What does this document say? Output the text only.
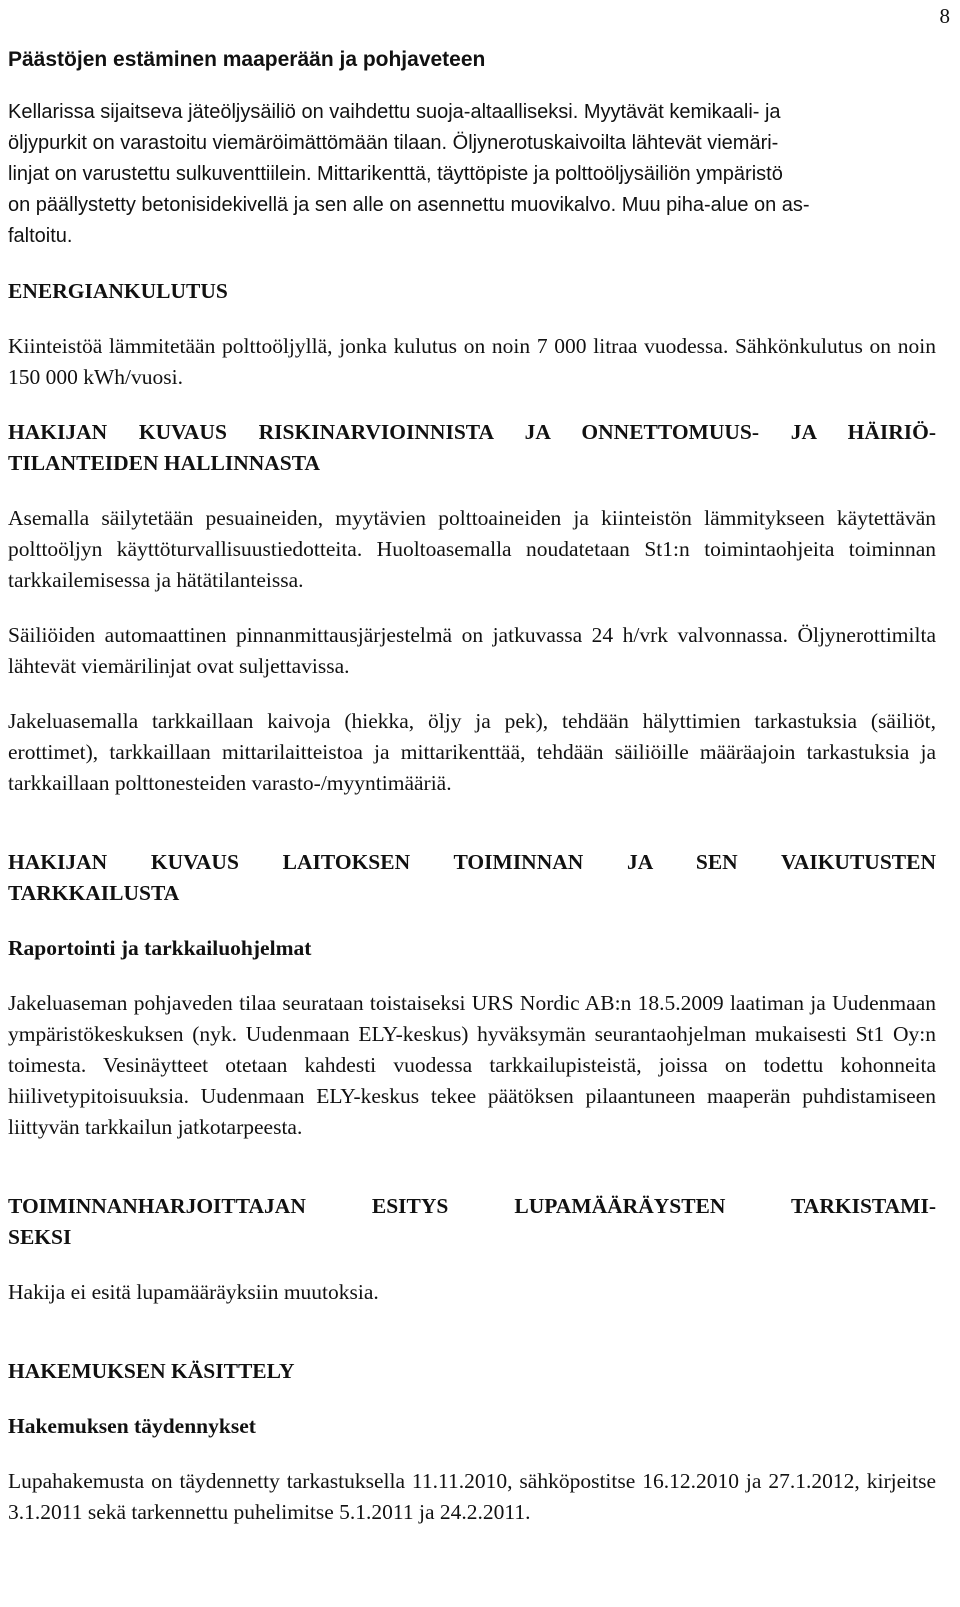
8
Päästöjen estäminen maaperään ja pohjaveteen
Kellarissa sijaitseva jäteöljysäiliö on vaihdettu suoja-altaalliseksi. Myytävät kemikaali- ja
öljypurkit on varastoitu viemäröimättömään tilaan. Öljynerotuskaivoilta lähtevät viemäri-
linjat on varustettu sulkuventtiilein. Mittarikenttä, täyttöpiste ja polttoöljysäiliön ympäristö
on päällystetty betonisidekivellä ja sen alle on asennettu muovikalvo. Muu piha-alue on as-
faltoitu.
ENERGIANKULUTUS

Kiinteistöä lämmitetään polttoöljyllä, jonka kulutus on noin 7 000 litraa vuodessa. Sähkönkulutus on noin 150 000 kWh/vuosi.

HAKIJAN KUVAUS RISKINARVIOINNISTA JA ONNETTOMUUS- JA HÄIRIÖ-
TILANTEIDEN HALLINNASTA

Asemalla säilytetään pesuaineiden, myytävien polttoaineiden ja kiinteistön lämmitykseen käytettävän polttoöljyn käyttöturvallisuustiedotteita. Huoltoasemalla noudatetaan St1:n toimintaohjeita toiminnan tarkkailemisessa ja hätätilanteissa.

Säiliöiden automaattinen pinnanmittausjärjestelmä on jatkuvassa 24 h/vrk valvonnassa. Öljynerottimilta lähtevät viemärilinjat ovat suljettavissa.

Jakeluasemalla tarkkaillaan kaivoja (hiekka, öljy ja pek), tehdään hälyttimien tarkastuksia (säiliöt, erottimet), tarkkaillaan mittarilaitteistoa ja mittarikenttää, tehdään säiliöille määräajoin tarkastuksia ja tarkkaillaan polttonesteiden varasto-/myyntimääriä.

HAKIJAN KUVAUS LAITOKSEN TOIMINNAN JA SEN VAIKUTUSTEN
TARKKAILUSTA
Raportointi ja tarkkailuohjelmat

Jakeluaseman pohjaveden tilaa seurataan toistaiseksi URS Nordic AB:n 18.5.2009 laatiman ja Uudenmaan ympäristökeskuksen (nyk. Uudenmaan ELY-keskus) hyväksymän seurantaohjelman mukaisesti St1 Oy:n toimesta. Vesinäytteet otetaan kahdesti vuodessa tarkkailupisteistä, joissa on todettu kohonneita hiilivetypitoisuuksia. Uudenmaan ELY-keskus tekee päätöksen pilaantuneen maaperän puhdistamiseen liittyvän tarkkailun jatkotarpeesta.

TOIMINNANHARJOITTAJAN ESITYS LUPAMÄÄRÄYSTEN TARKISTAMI-
SEKSI

Hakija ei esitä lupamääräyksiin muutoksia.

HAKEMUKSEN KÄSITTELY
Hakemuksen täydennykset

Lupahakemusta on täydennetty tarkastuksella 11.11.2010, sähköpostitse 16.12.2010 ja 27.1.2012, kirjeitse 3.1.2011 sekä tarkennettu puhelimitse 5.1.2011 ja 24.2.2011.
